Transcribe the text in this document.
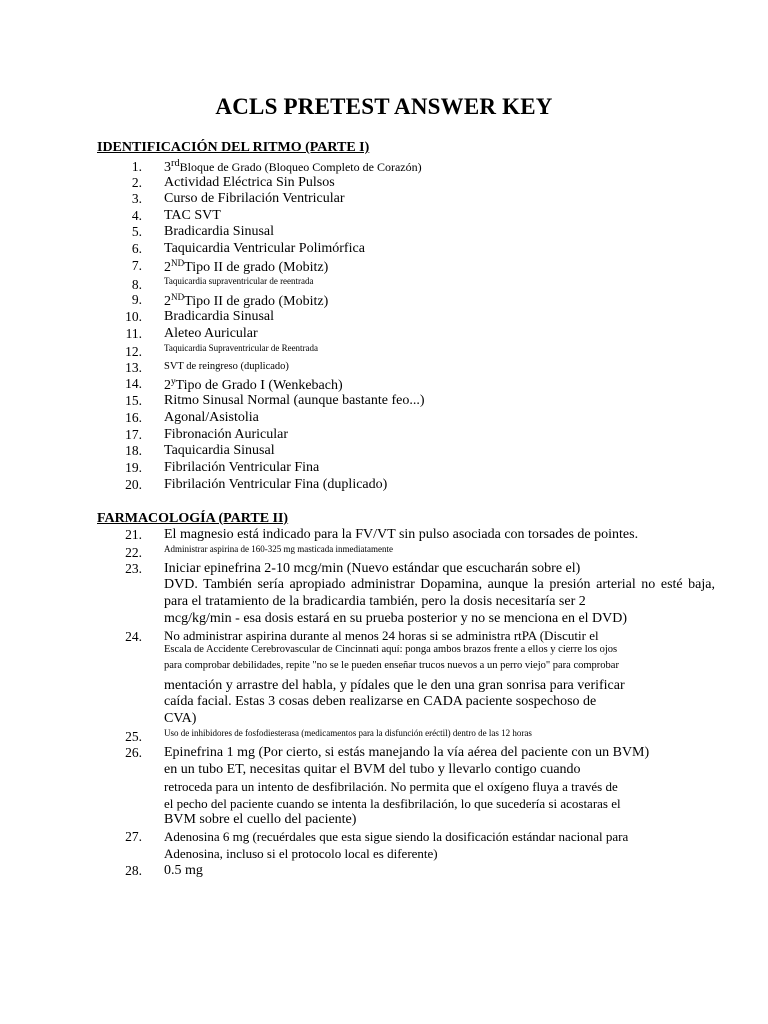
ACLS PRETEST ANSWER KEY
IDENTIFICACIÓN DEL RITMO (PARTE I)
1. 3rdBloque de Grado (Bloqueo Completo de Corazón)
2. Actividad Eléctrica Sin Pulsos
3. Curso de Fibrilación Ventricular
4. TAC SVT
5. Bradicardia Sinusal
6. Taquicardia Ventricular Polimórfica
7. 2NDTipo II de grado (Mobitz)
8. Taquicardia supraventricular de reentrada
9. 2NDTipo II de grado (Mobitz)
10. Bradicardia Sinusal
11. Aleteo Auricular
12. Taquicardia Supraventricular de Reentrada
13. SVT de reingreso (duplicado)
14. 2$^y$Tipo de Grado I (Wenkebach)
15. Ritmo Sinusal Normal (aunque bastante feo...)
16. Agonal/Asistolia
17. Fibronación Auricular
18. Taquicardia Sinusal
19. Fibrilación Ventricular Fina
20. Fibrilación Ventricular Fina (duplicado)
FARMACOLOGÍA (PARTE II)
21. El magnesio está indicado para la FV/VT sin pulso asociada con torsades de pointes.
22. Administrar aspirina de 160-325 mg masticada inmediatamente
23. Iniciar epinefrina 2-10 mcg/min (Nuevo estándar que escucharán sobre el)
DVD. También sería apropiado administrar Dopamina, aunque la presión arterial no esté baja,
para el tratamiento de la bradicardia también, pero la dosis necesitaría ser 2
mcg/kg/min - esa dosis estará en su prueba posterior y no se menciona en el DVD)
24. No administrar aspirina durante al menos 24 horas si se administra rtPA (Discutir el
Escala de Accidente Cerebrovascular de Cincinnati aquí: ponga ambos brazos frente a ellos y cierre los ojos
para comprobar debilidades, repite "no se le pueden enseñar trucos nuevos a un perro viejo" para comprobar
mentación y arrastre del habla, y pídales que le den una gran sonrisa para verificar
caída facial. Estas 3 cosas deben realizarse en CADA paciente sospechoso de
CVA)
25. Uso de inhibidores de fosfodiesterasa (medicamentos para la disfunción eréctil) dentro de las 12 horas
26. Epinefrina 1 mg (Por cierto, si estás manejando la vía aérea del paciente con un BVM)
en un tubo ET, necesitas quitar el BVM del tubo y llevarlo contigo cuando
retroceda para un intento de desfibrilación. No permita que el oxígeno fluya a través de
el pecho del paciente cuando se intenta la desfibrilación, lo que sucedería si acostaras el
BVM sobre el cuello del paciente)
27. Adenosina 6 mg (recuérdales que esta sigue siendo la dosificación estándar nacional para
Adenosina, incluso si el protocolo local es diferente)
28. 0.5 mg
